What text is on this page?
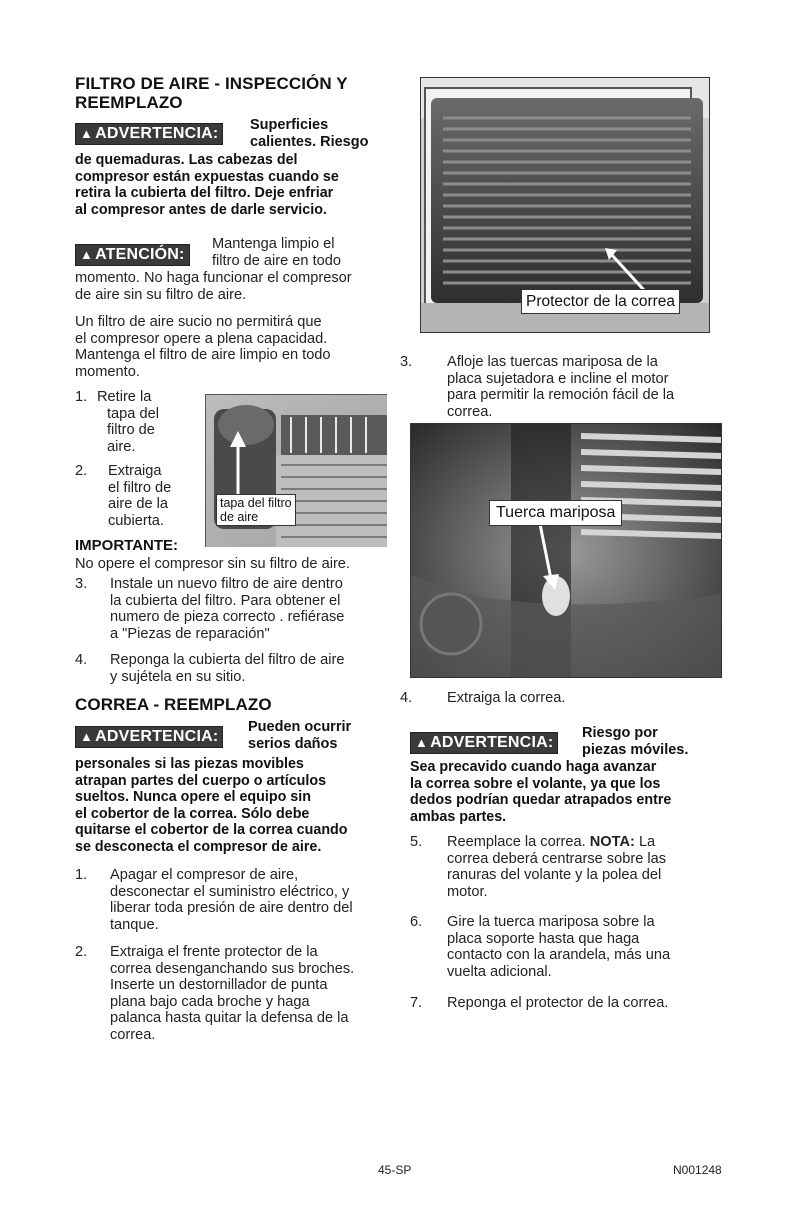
FILTRO DE AIRE - INSPECCIÓN Y
REEMPLAZO
▲ ADVERTENCIA:	Superficies
calientes. Riesgo
de quemaduras. Las cabezas del
compresor están expuestas cuando se
retira la cubierta del filtro. Deje enfriar
al compresor antes de darle servicio.
▲ ATENCIÓN:
Mantenga limpio el
filtro de aire en todo
momento. No haga funcionar el compresor
de aire sin su filtro de aire.
Un filtro de aire sucio no permitirá que
el compresor opere a plena capacidad.
Mantenga el filtro de aire limpio en todo
momento.
1. Retire la
tapa del
filtro de
aire.
2.	Extraiga
el filtro de
aire de la
cubierta.
tapa del filtro
de aire
IMPORTANTE:
No opere el compresor sin su filtro de aire.
3.	Instale un nuevo filtro de aire dentro
la cubierta del filtro. Para obtener el
numero de pieza correcto . refiérase
a "Piezas de reparación"
4.	Reponga la cubierta del filtro de aire
y sujétela en su sitio.
CORREA - REEMPLAZO
▲ ADVERTENCIA:
Pueden ocurrir
serios daños
personales si las piezas movibles
atrapan partes del cuerpo o artículos
sueltos. Nunca opere el equipo sin
el cobertor de la correa. Sólo debe
quitarse el cobertor de la correa cuando
se desconecta el compresor de aire.
1.	Apagar el compresor de aire,
desconectar el suministro eléctrico, y
liberar toda presión de aire dentro del
tanque.
2.	Extraiga el frente protector de la
correa desenganchando sus broches.
Inserte un destornillador de punta
plana bajo cada broche y haga
palanca hasta quitar la defensa de la
correa.
Protector de la correa
3.	Afloje las tuercas mariposa de la
placa sujetadora e incline el motor
para permitir la remoción fácil de la
correa.
Tuerca mariposa
4.	Extraiga la correa.
▲ ADVERTENCIA:
Riesgo por
piezas móviles.
Sea precavido cuando haga avanzar
la correa sobre el volante, ya que los
dedos podrían quedar atrapados entre
ambas partes.
5.	Reemplace la correa. NOTA: La
correa deberá centrarse sobre las
ranuras del volante y la polea del
motor.
6.	Gire la tuerca mariposa sobre la
placa soporte hasta que haga
contacto con la arandela, más una
vuelta adicional.
7.	Reponga el protector de la correa.
45-SP	N001248
